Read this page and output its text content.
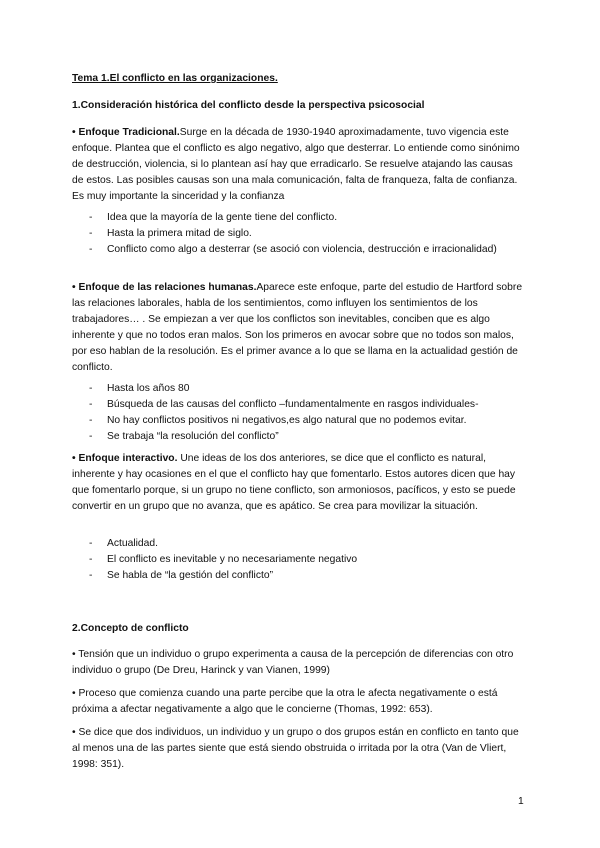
Tema 1.El conflicto en las organizaciones.
1.Consideración histórica del conflicto desde la perspectiva psicosocial
• Enfoque Tradicional.Surge en la década de 1930-1940 aproximadamente, tuvo vigencia este enfoque. Plantea que el conflicto es algo negativo, algo que desterrar. Lo entiende como sinónimo de destrucción, violencia, si lo plantean así hay que erradicarlo. Se resuelve atajando las causas de estos. Las posibles causas son una mala comunicación, falta de franqueza, falta de confianza. Es muy importante la sinceridad y la confianza
- Idea que la mayoría de la gente tiene del conflicto.
- Hasta la primera mitad de siglo.
- Conflicto como algo a desterrar (se asoció con violencia, destrucción e irracionalidad)
• Enfoque de las relaciones humanas.Aparece este enfoque, parte del estudio de Hartford sobre las relaciones laborales, habla de los sentimientos, como influyen los sentimientos de los trabajadores… . Se empiezan a ver que los conflictos son inevitables, conciben que es algo inherente y que no todos eran malos. Son los primeros en avocar sobre que no todos son malos, por eso hablan de la resolución. Es el primer avance a lo que se llama en la actualidad gestión de conflicto.
- Hasta los años 80
- Búsqueda de las causas del conflicto –fundamentalmente en rasgos individuales-
- No hay conflictos positivos ni negativos,es algo natural que no podemos evitar.
- Se trabaja “la resolución del conflicto”
• Enfoque interactivo. Une ideas de los dos anteriores, se dice que el conflicto es natural, inherente y hay ocasiones en el que el conflicto hay que fomentarlo. Estos autores dicen que hay que fomentarlo porque, si un grupo no tiene conflicto, son armoniosos, pacíficos, y esto se puede convertir en un grupo que no avanza, que es apático. Se crea para movilizar la situación.
- Actualidad.
- El conflicto es inevitable y no necesariamente negativo
- Se habla de “la gestión del conflicto”
2.Concepto de conflicto
• Tensión que un individuo o grupo experimenta a causa de la percepción de diferencias con otro individuo o grupo (De Dreu, Harinck y van Vianen, 1999)
• Proceso que comienza cuando una parte percibe que la otra le afecta negativamente o está próxima a afectar negativamente a algo que le concierne (Thomas, 1992: 653).
• Se dice que dos individuos, un individuo y un grupo o dos grupos están en conflicto en tanto que al menos una de las partes siente que está siendo obstruida o irritada por la otra (Van de Vliert, 1998: 351).
1
